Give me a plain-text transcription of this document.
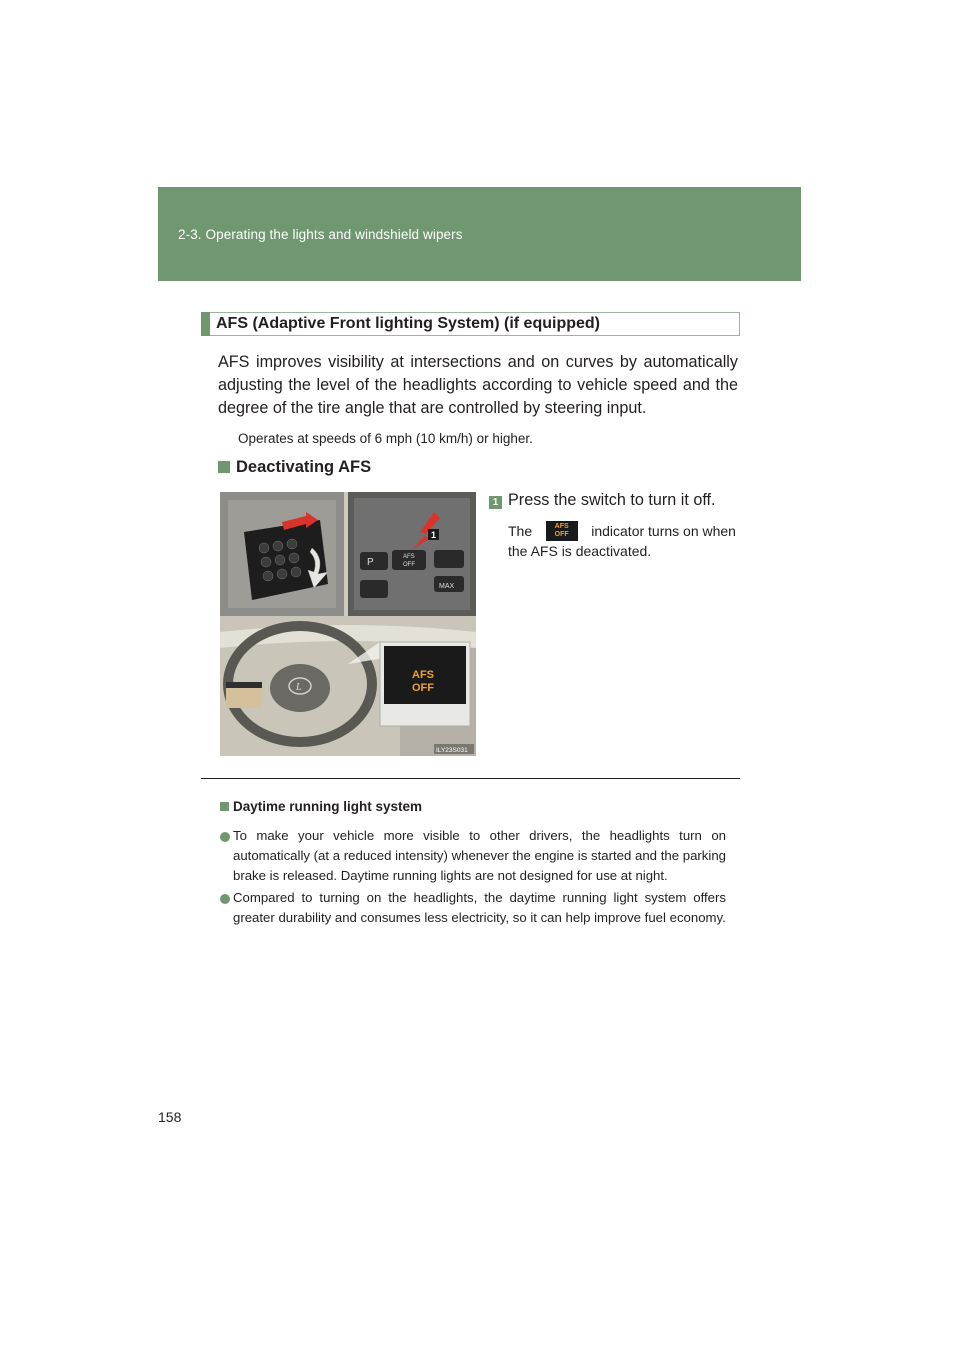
2-3. Operating the lights and windshield wipers
AFS (Adaptive Front lighting System) (if equipped)

AFS improves visibility at intersections and on curves by automatically adjusting the level of the headlights according to vehicle speed and the degree of the tire angle that are controlled by steering input.

Operates at speeds of 6 mph (10 km/h) or higher.

Deactivating AFS
P	AFS
OFF
MAX
1
L
AFS
OFF
ILY23S031
1 Press the switch to turn it off.

The	AFS
OFF	indicator turns on when
the AFS is deactivated.
Daytime running light system
To make your vehicle more visible to other drivers, the headlights turn on automatically (at a reduced intensity) whenever the engine is started and the parking brake is released. Daytime running lights are not designed for use at night.
Compared to turning on the headlights, the daytime running light system offers greater durability and consumes less electricity, so it can help improve fuel economy.
158
